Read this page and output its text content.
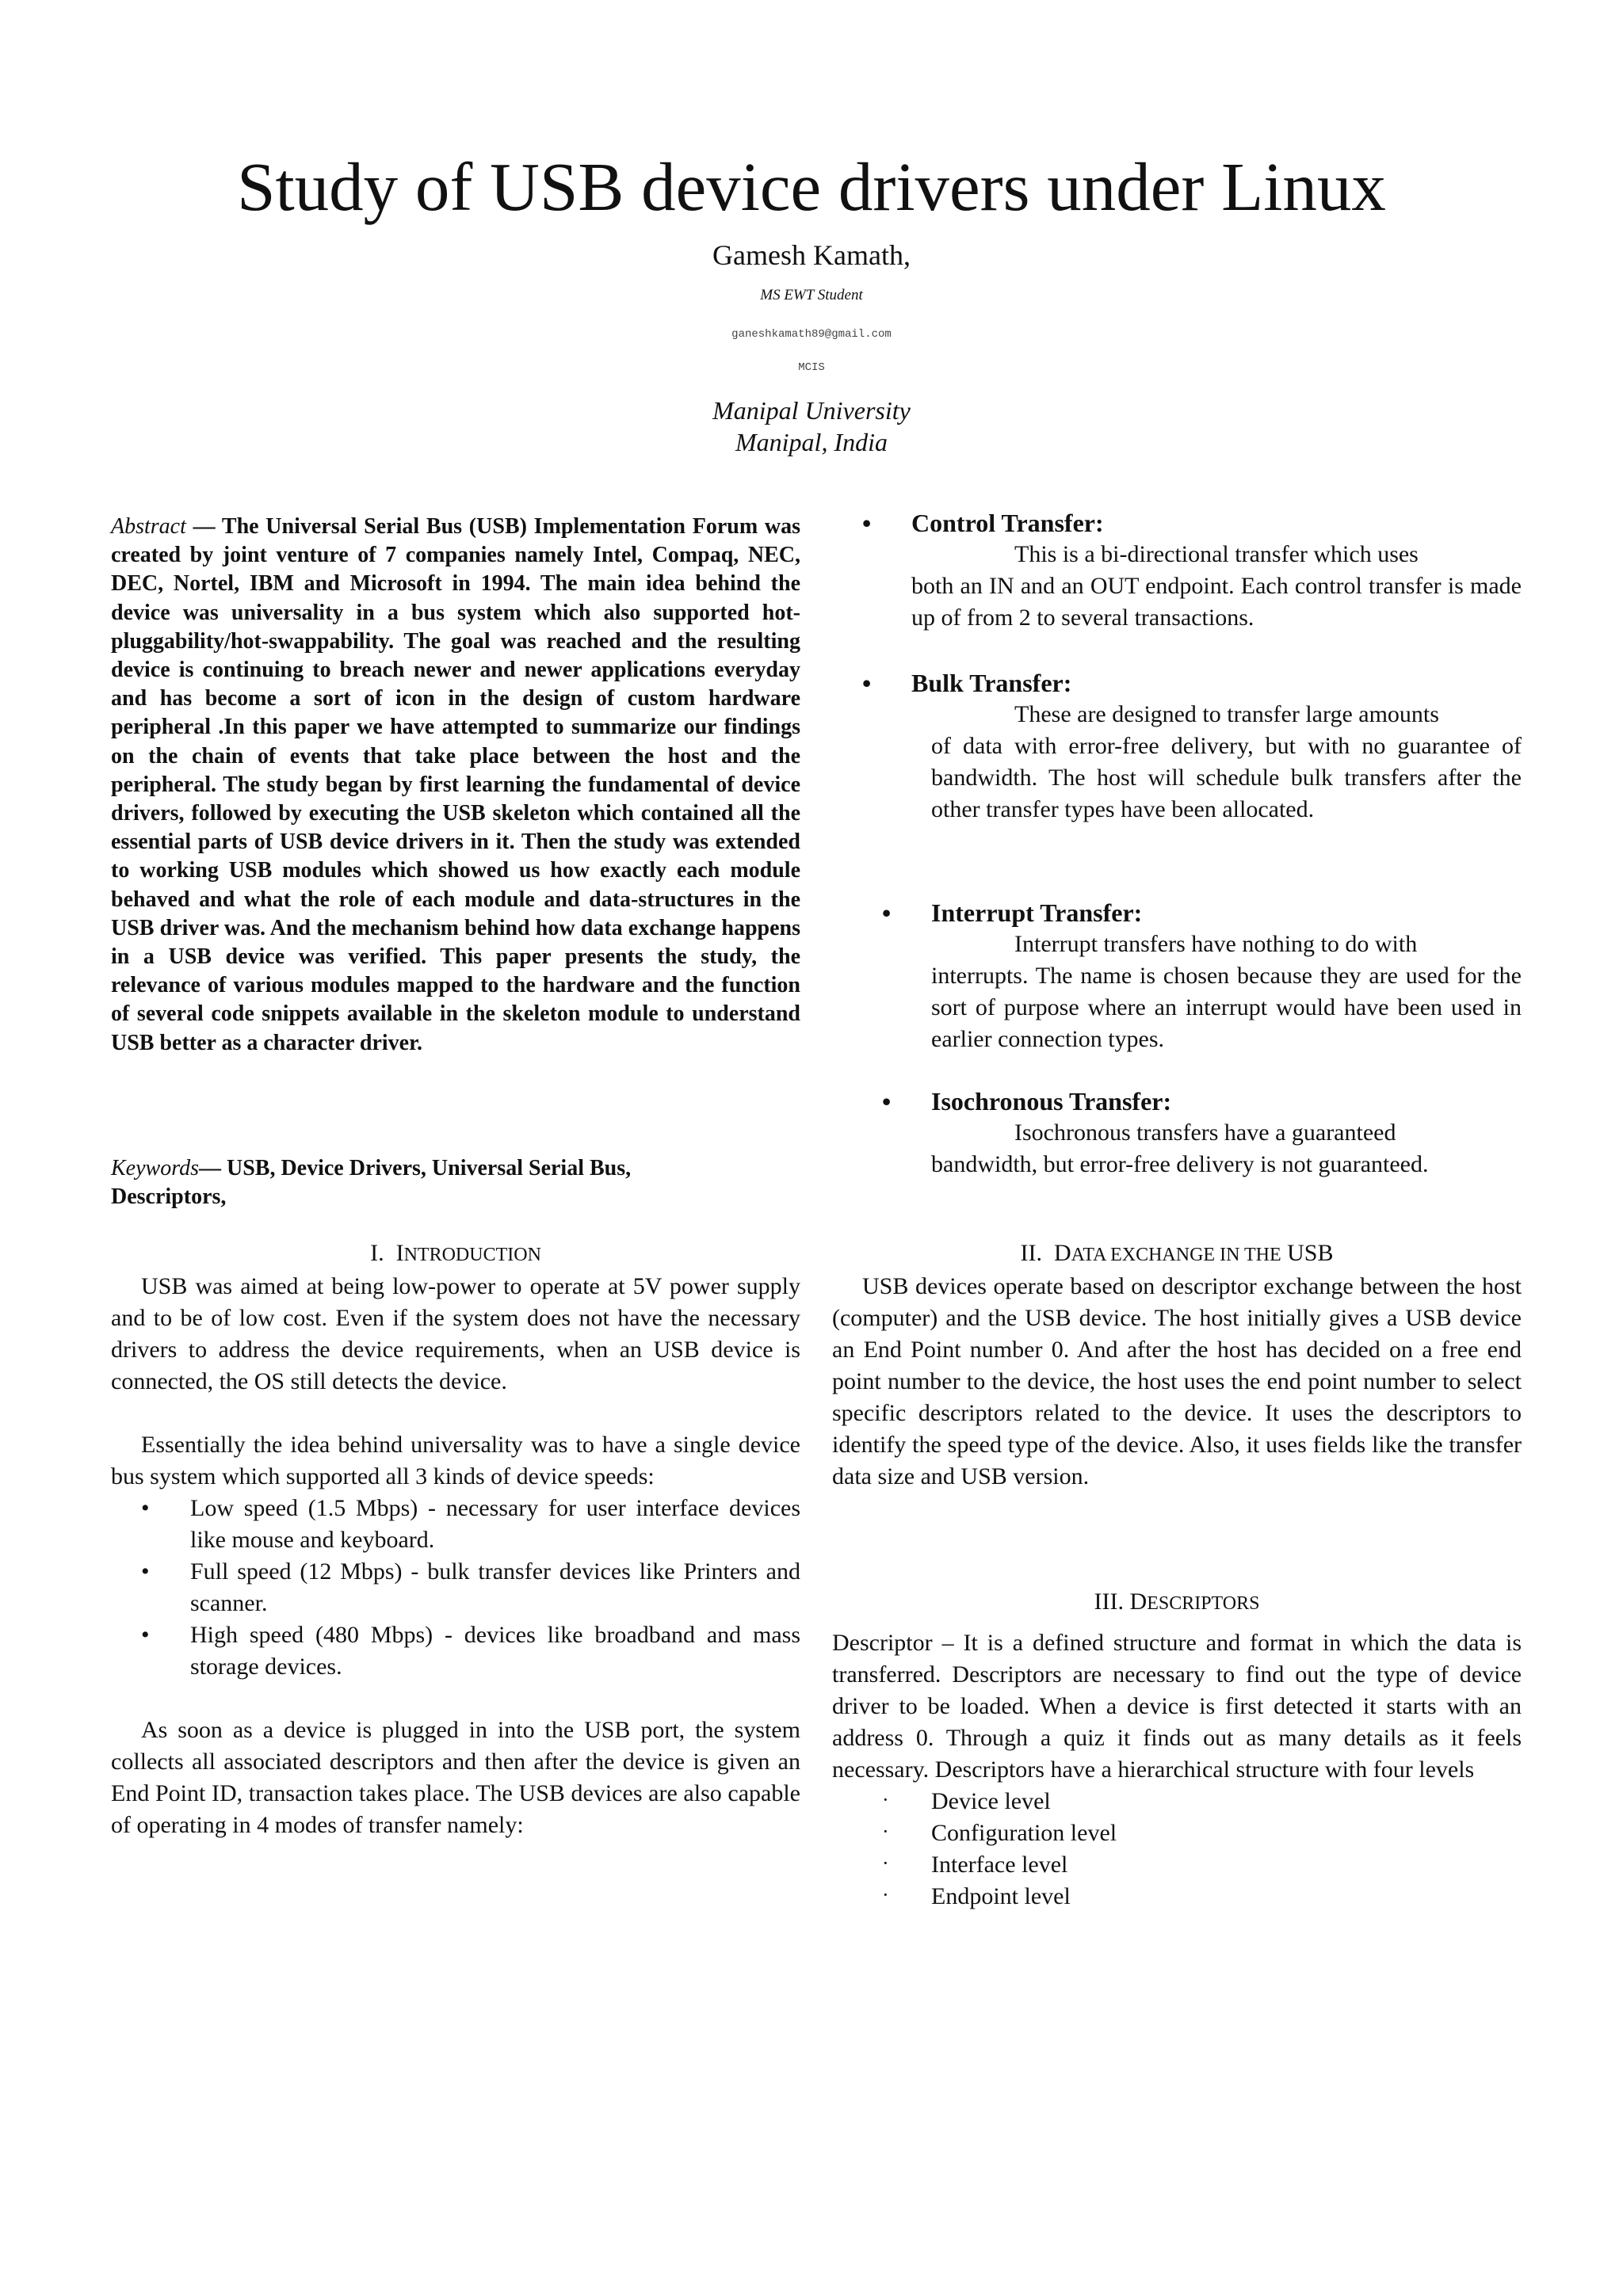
Study of USB device drivers under Linux
Gamesh Kamath,
MS EWT Student
ganeshkamath89@gmail.com
MCIS
Manipal University
Manipal, India
Abstract — The Universal Serial Bus (USB) Implementation Forum was created by joint venture of 7 companies namely Intel, Compaq, NEC, DEC, Nortel, IBM and Microsoft in 1994. The main idea behind the device was universality in a bus system which also supported hot-pluggability/hot-swappability. The goal was reached and the resulting device is continuing to breach newer and newer applications everyday and has become a sort of icon in the design of custom hardware peripheral .In this paper we have attempted to summarize our findings on the chain of events that take place between the host and the peripheral. The study began by first learning the fundamental of device drivers, followed by executing the USB skeleton which contained all the essential parts of USB device drivers in it. Then the study was extended to working USB modules which showed us how exactly each module behaved and what the role of each module and data-structures in the USB driver was. And the mechanism behind how data exchange happens in a USB device was verified. This paper presents the study, the relevance of various modules mapped to the hardware and the function of several code snippets available in the skeleton module to understand USB better as a character driver.
Keywords— USB, Device Drivers, Universal Serial Bus,
Descriptors,
I. INTRODUCTION

USB was aimed at being low-power to operate at 5V power supply and to be of low cost. Even if the system does not have the necessary drivers to address the device requirements, when an USB device is connected, the OS still detects the device.

Essentially the idea behind universality was to have a single device bus system which supported all 3 kinds of device speeds:

• Low speed (1.5 Mbps) - necessary for user interface devices like mouse and keyboard.
• Full speed (12 Mbps) - bulk transfer devices like Printers and scanner.
• High speed (480 Mbps) - devices like broadband and mass storage devices.

As soon as a device is plugged in into the USB port, the system collects all associated descriptors and then after the device is given an End Point ID, transaction takes place. The USB devices are also capable of operating in 4 modes of transfer namely:

• Control Transfer:
This is a bi-directional transfer which uses
both an IN and an OUT endpoint. Each control transfer is made up of from 2 to several transactions.
• Bulk Transfer:
These are designed to transfer large amounts
of data with error-free delivery, but with no guarantee of bandwidth. The host will schedule bulk transfers after the other transfer types have been allocated.
• Interrupt Transfer:
Interrupt transfers have nothing to do with
interrupts. The name is chosen because they are used for the sort of purpose where an interrupt would have been used in earlier connection types.
• Isochronous Transfer:
Isochronous transfers have a guaranteed
bandwidth, but error-free delivery is not guaranteed.
II. DATA EXCHANGE IN THE USB

USB devices operate based on descriptor exchange between the host (computer) and the USB device. The host initially gives a USB device an End Point number 0. And after the host has decided on a free end point number to the device, the host uses the end point number to select specific descriptors related to the device. It uses the descriptors to identify the speed type of the device. Also, it uses fields like the transfer data size and USB version.

III. DESCRIPTORS

Descriptor – It is a defined structure and format in which the data is transferred. Descriptors are necessary to find out the type of device driver to be loaded. When a device is first detected it starts with an address 0. Through a quiz it finds out as many details as it feels necessary. Descriptors have a hierarchical structure with four levels

· Device level
· Configuration level
· Interface level
· Endpoint level
